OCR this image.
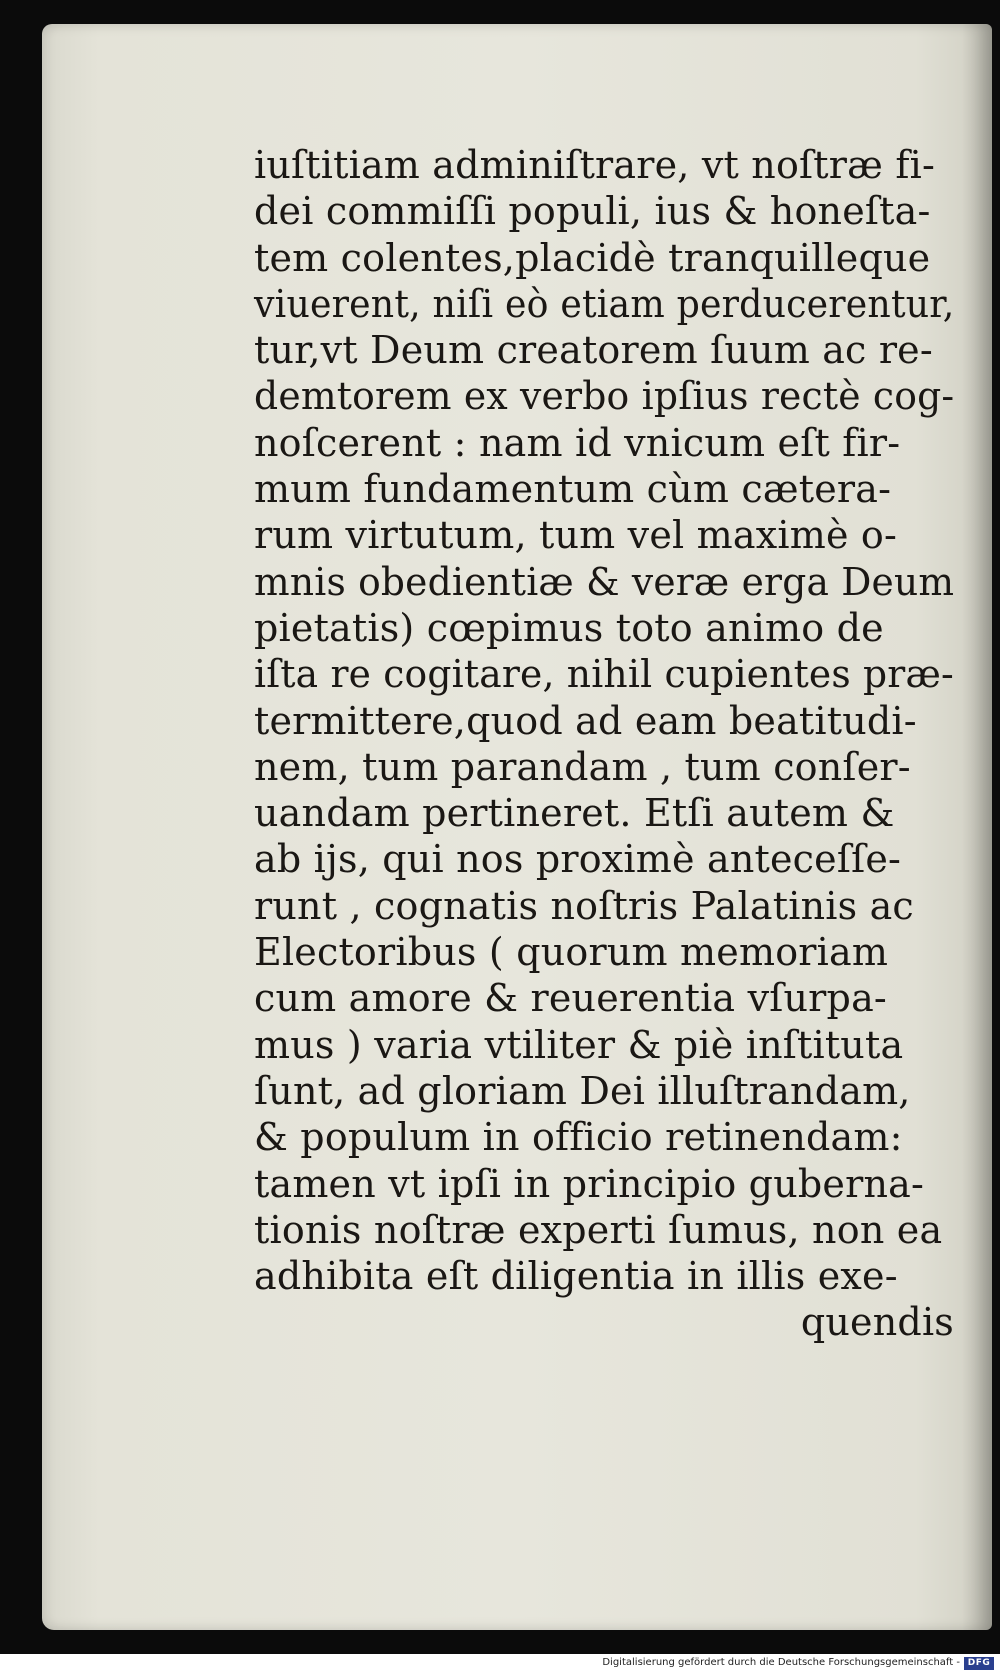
iuſtitiam adminiſtrare, vt noſtræ fi-
dei commiſſi populi, ius & honeſta-
tem colentes,placidè tranquilleque
viuerent, niſi eò etiam perducerentur,
tur,vt Deum creatorem ſuum ac re-
demtorem ex verbo ipſius rectè cog-
noſcerent : nam id vnicum eſt fir-
mum fundamentum cùm cætera-
rum virtutum, tum vel maximè o-
mnis obedientiæ & veræ erga Deum
pietatis) cœpimus toto animo de
iſta re cogitare, nihil cupientes præ-
termittere,quod ad eam beatitudi-
nem, tum parandam , tum conſer-
uandam pertineret. Etſi autem &
ab ijs, qui nos proximè anteceſſe-
runt , cognatis noſtris Palatinis ac
Electoribus ( quorum memoriam
cum amore & reuerentia vſurpa-
mus ) varia vtiliter & piè inſtituta
ſunt, ad gloriam Dei illuſtrandam,
& populum in officio retinendam:
tamen vt ipſi in principio guberna-
tionis noſtræ experti ſumus, non ea
adhibita eſt diligentia in illis exe-
quendis
Digitalisierung gefördert durch die Deutsche Forschungsgemeinschaft - DFG
